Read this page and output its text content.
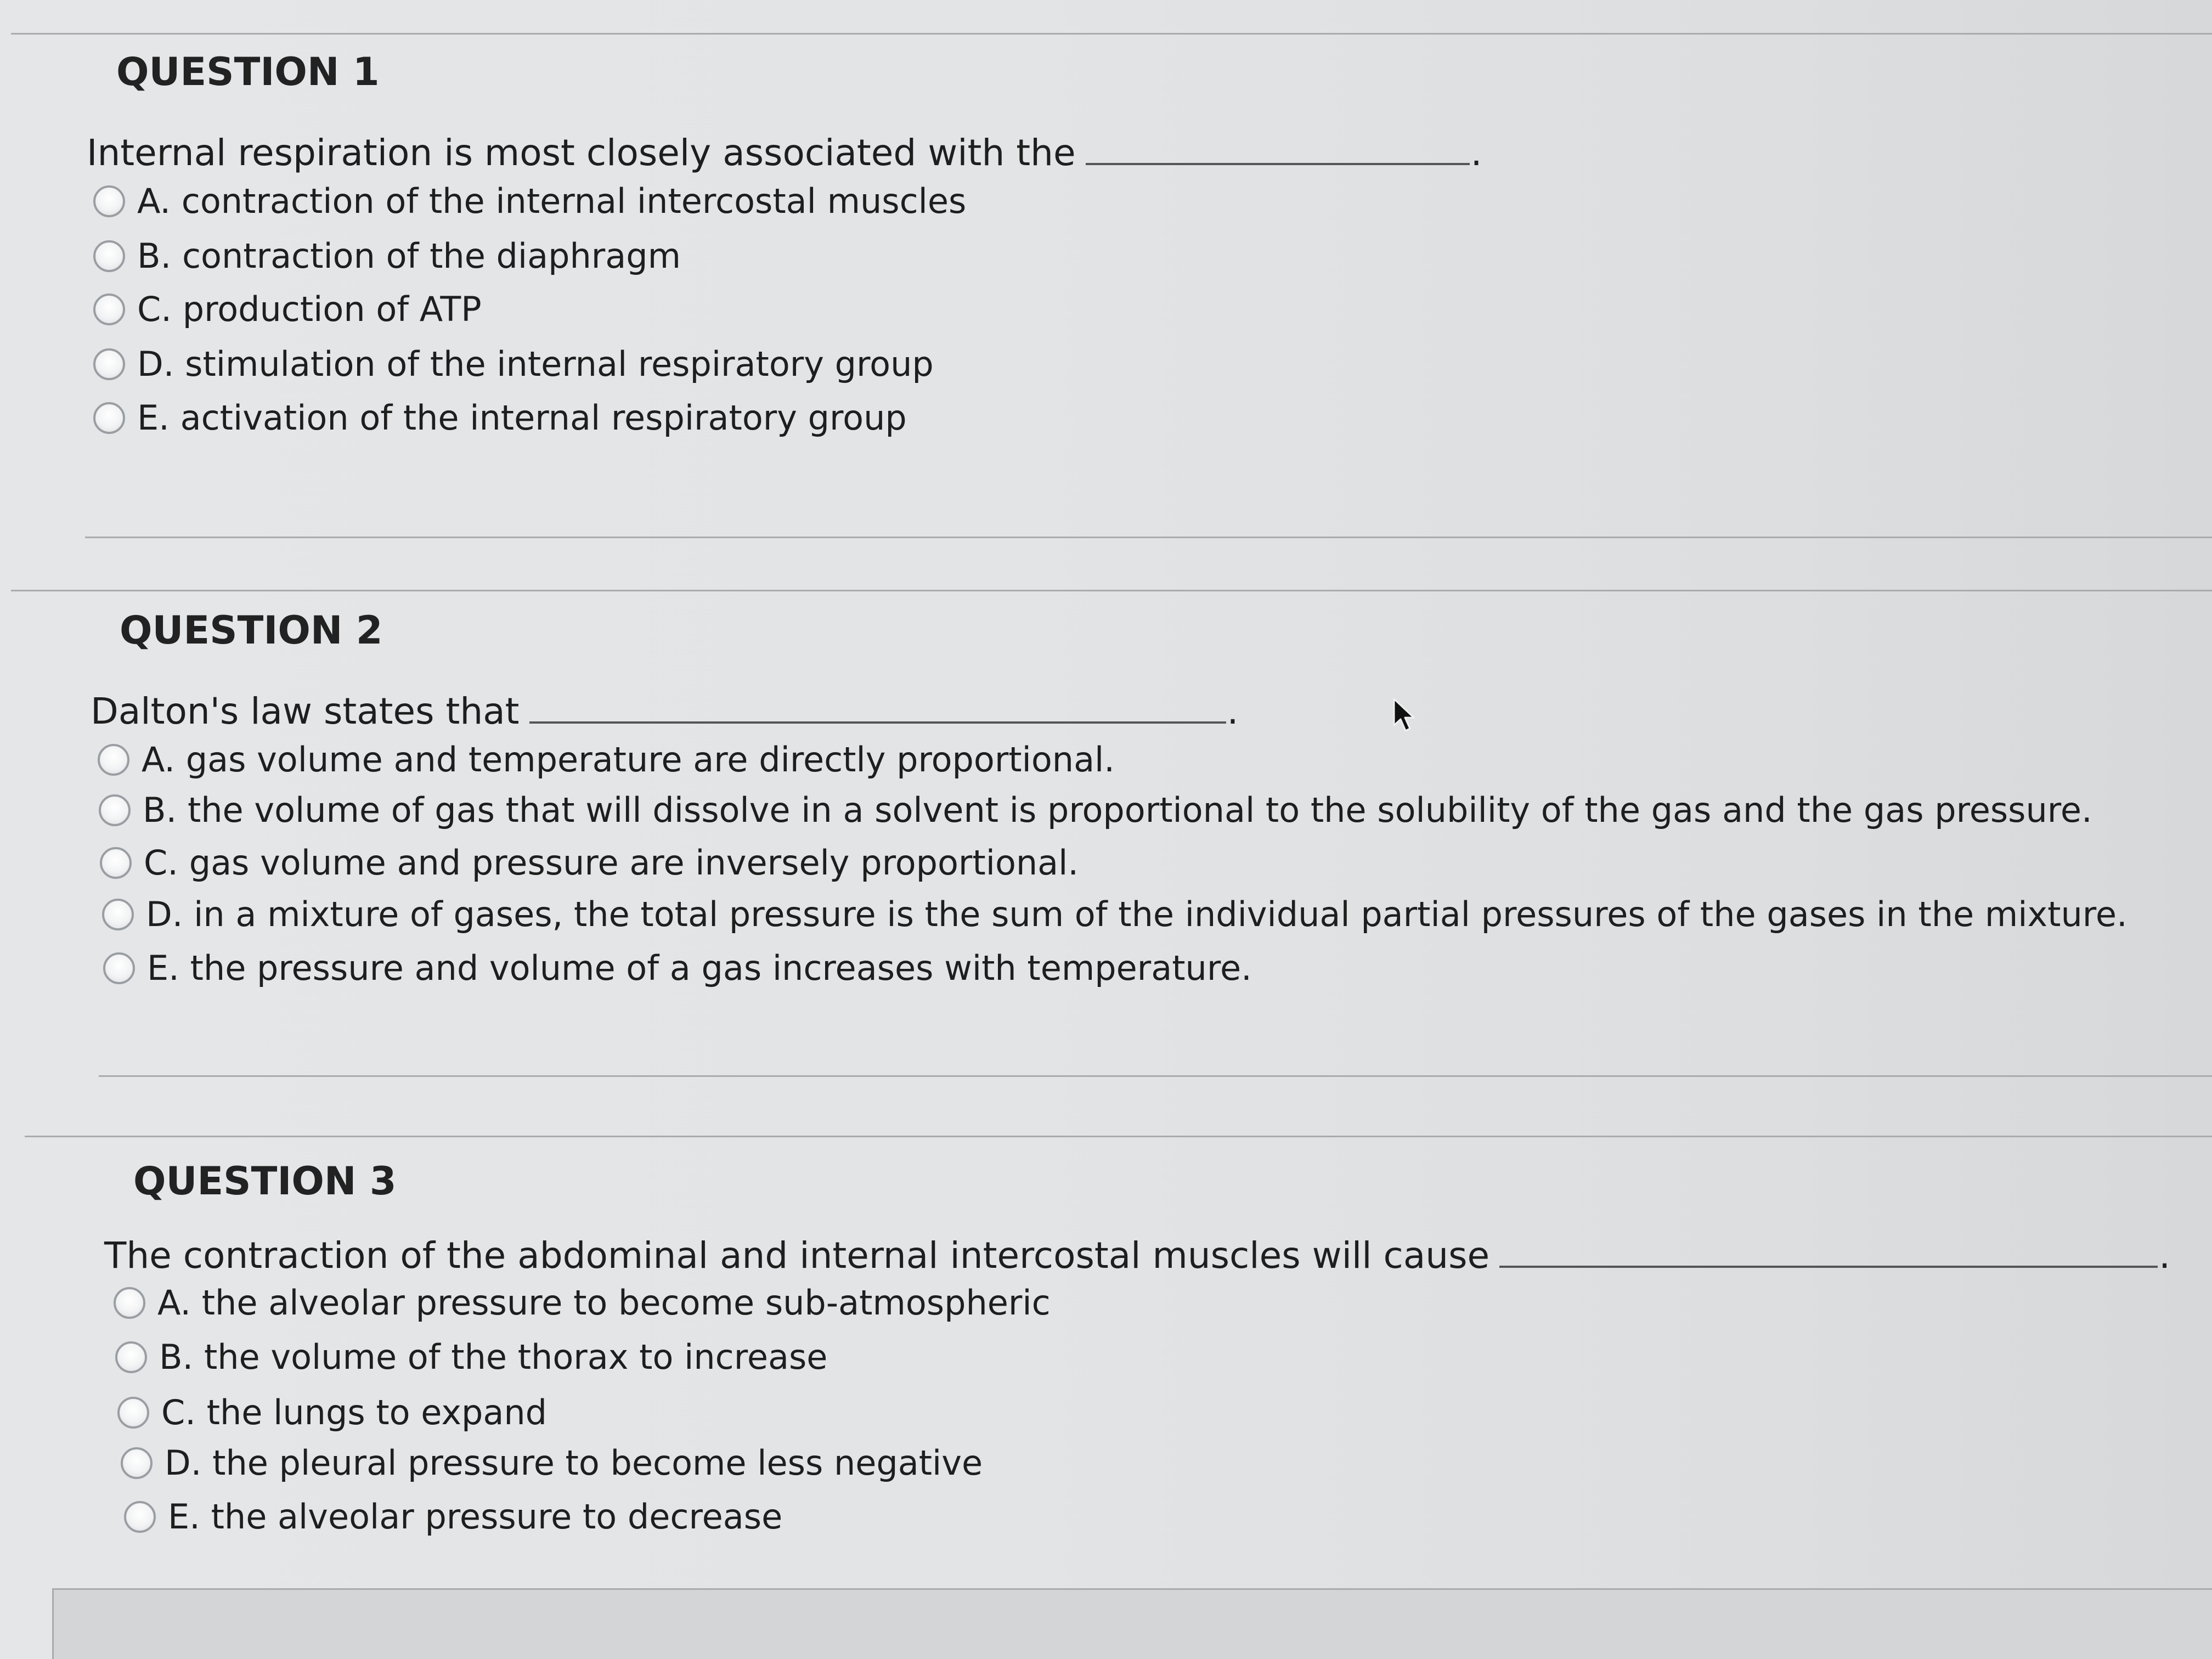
QUESTION 1
Internal respiration is most closely associated with the	.
A. contraction of the internal intercostal muscles
B. contraction of the diaphragm
C. production of ATP
D. stimulation of the internal respiratory group
E. activation of the internal respiratory group
QUESTION 2
Dalton's law states that	.
A. gas volume and temperature are directly proportional.
B. the volume of gas that will dissolve in a solvent is proportional to the solubility of the gas and the gas pressure.
C. gas volume and pressure are inversely proportional.
D. in a mixture of gases, the total pressure is the sum of the individual partial pressures of the gases in the mixture.
E. the pressure and volume of a gas increases with temperature.
QUESTION 3
The contraction of the abdominal and internal intercostal muscles will cause	.
A. the alveolar pressure to become sub-atmospheric
B. the volume of the thorax to increase
C. the lungs to expand
D. the pleural pressure to become less negative
E. the alveolar pressure to decrease
